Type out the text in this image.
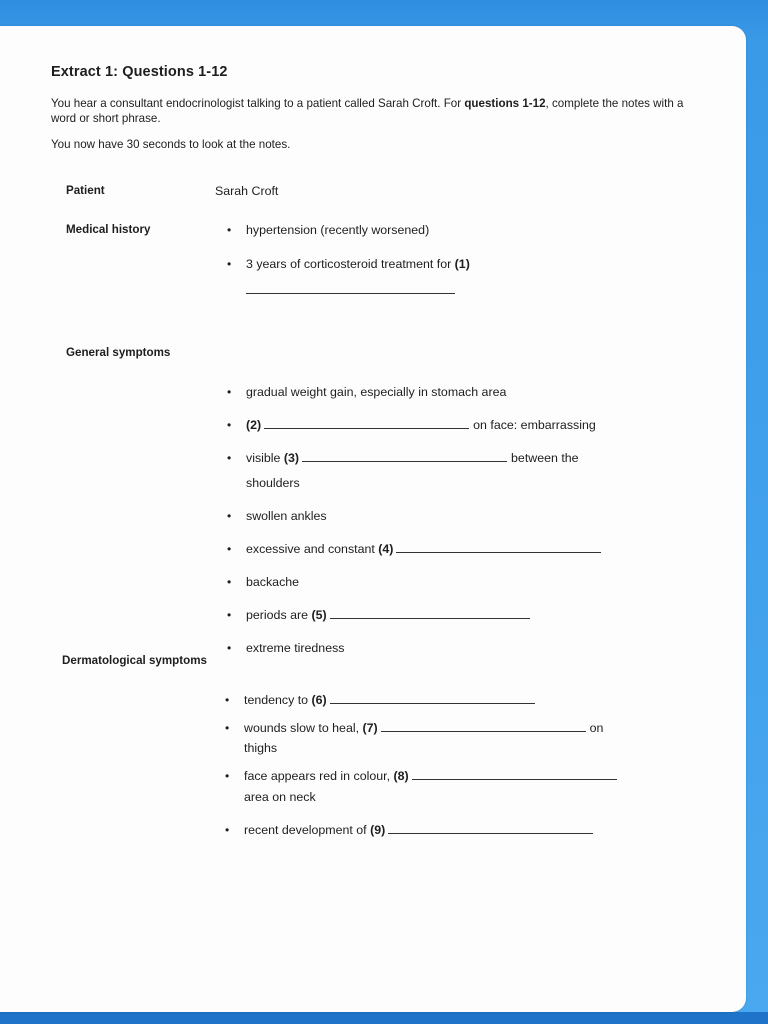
Extract 1: Questions 1-12
You hear a consultant endocrinologist talking to a patient called Sarah Croft. For questions 1-12, complete the notes with a word or short phrase.
You now have 30 seconds to look at the notes.
Patient	Sarah Croft
Medical history	• hypertension (recently worsened)
• 3 years of corticosteroid treatment for (1)
General symptoms
• gradual weight gain, especially in stomach area
• (2)	on face: embarrassing
• visible (3)	between the
shoulders
• swollen ankles
• excessive and constant (4)
• backache
• periods are (5)
• extreme tiredness
Dermatological symptoms
• tendency to (6)
• wounds slow to heal, (7)	on
thighs
• face appears red in colour, (8)
area on neck
• recent development of (9)
